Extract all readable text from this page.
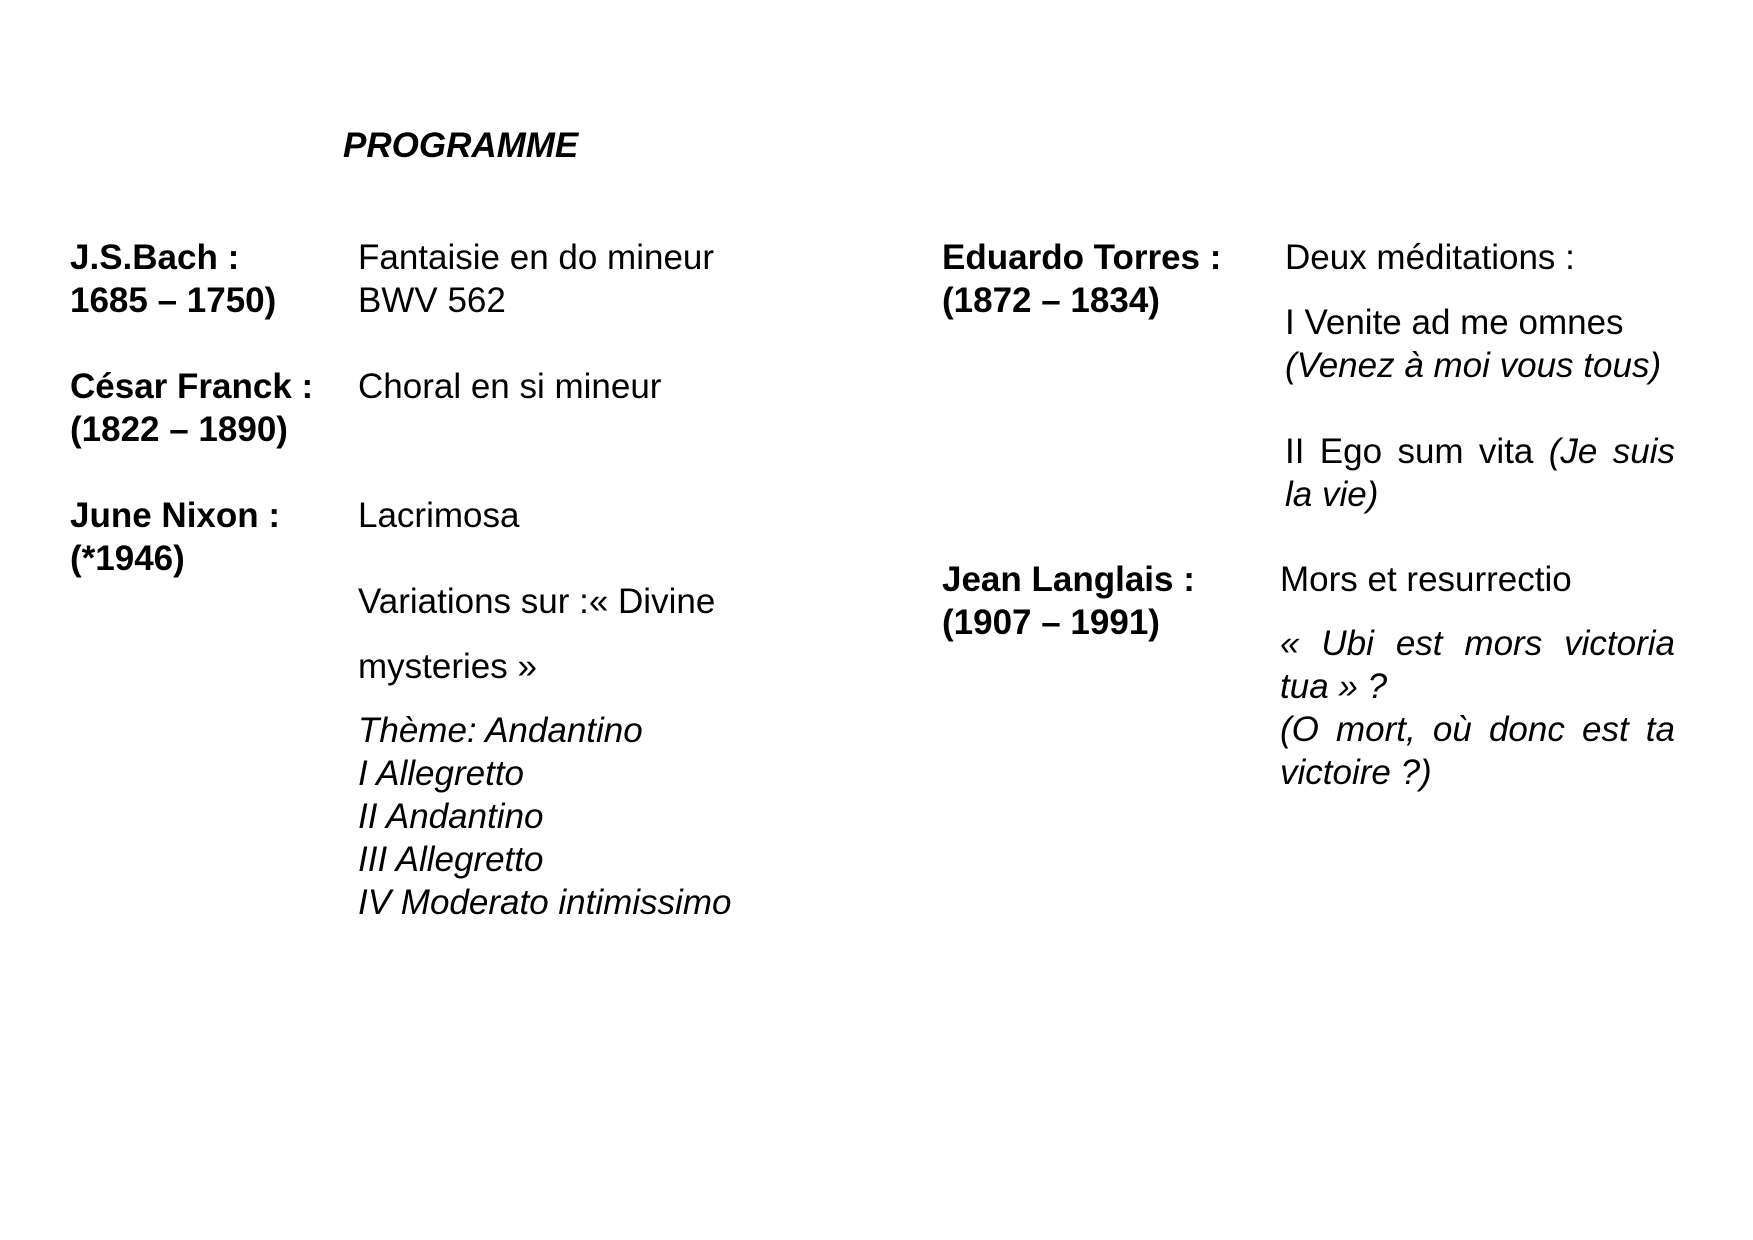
PROGRAMME
J.S.Bach :
1685 – 1750)
Fantaisie en do mineur
BWV 562
César Franck :
(1822 – 1890)
Choral en si mineur
June Nixon :
(*1946)
Lacrimosa
Variations sur :« Divine
mysteries »
Thème: Andantino
I Allegretto
II Andantino
III Allegretto
IV Moderato intimissimo
Eduardo Torres :
(1872 – 1834)
Deux méditations :
I Venite ad me omnes
(Venez à moi vous tous)
II Ego sum vita (Je suis la vie)
Jean Langlais :
(1907 – 1991)
Mors et resurrectio
« Ubi est mors victoria tua » ?
(O mort, où donc est ta victoire ?)
